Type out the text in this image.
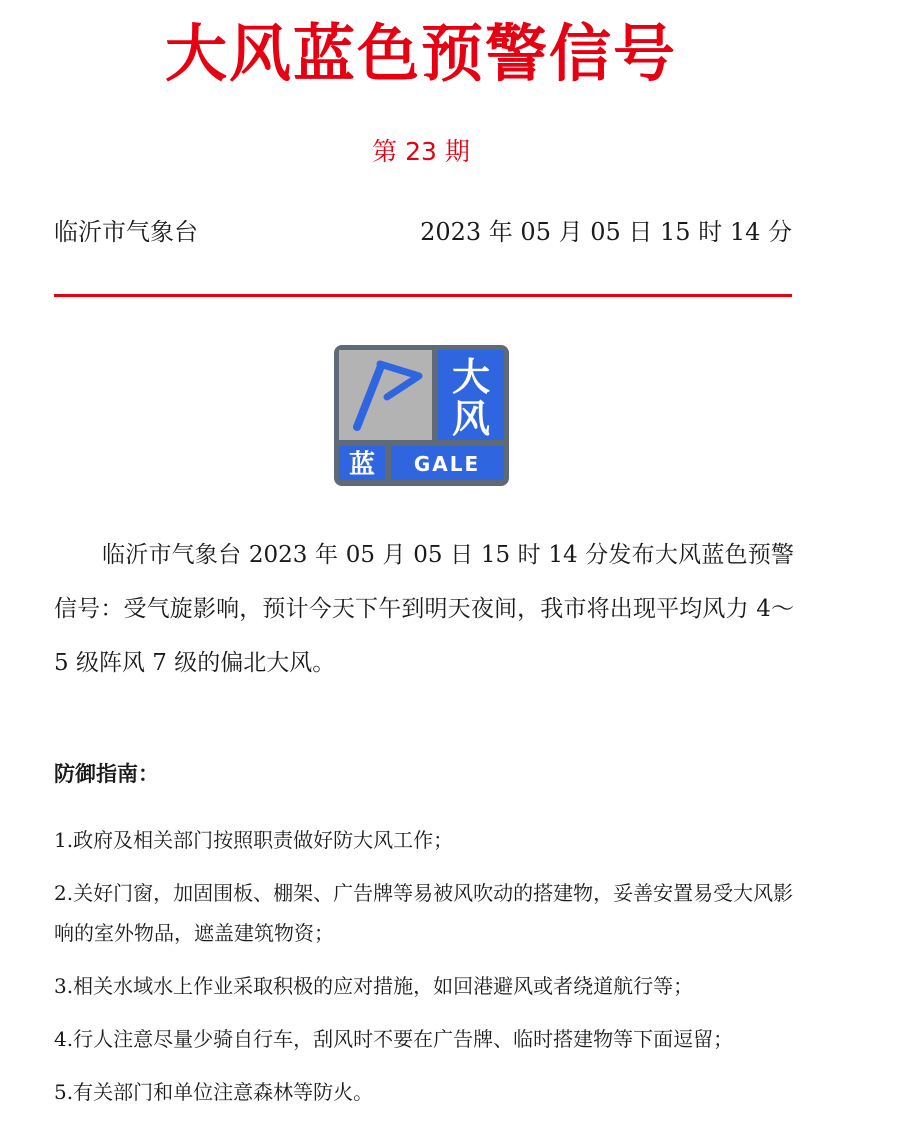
大风蓝色预警信号
第 23 期
临沂市气象台	2023 年 05 月 05 日 15 时 14 分
大
风
蓝 GALE
临沂市气象台 2023 年 05 月 05 日 15 时 14 分发布大风蓝色预警信号：受气旋影响，预计今天下午到明天夜间，我市将出现平均风力 4～5 级阵风 7 级的偏北大风。
防御指南：
1.政府及相关部门按照职责做好防大风工作；
2.关好门窗，加固围板、棚架、广告牌等易被风吹动的搭建物，妥善安置易受大风影响的室外物品，遮盖建筑物资；
3.相关水域水上作业采取积极的应对措施，如回港避风或者绕道航行等；
4.行人注意尽量少骑自行车，刮风时不要在广告牌、临时搭建物等下面逗留；
5.有关部门和单位注意森林等防火。
